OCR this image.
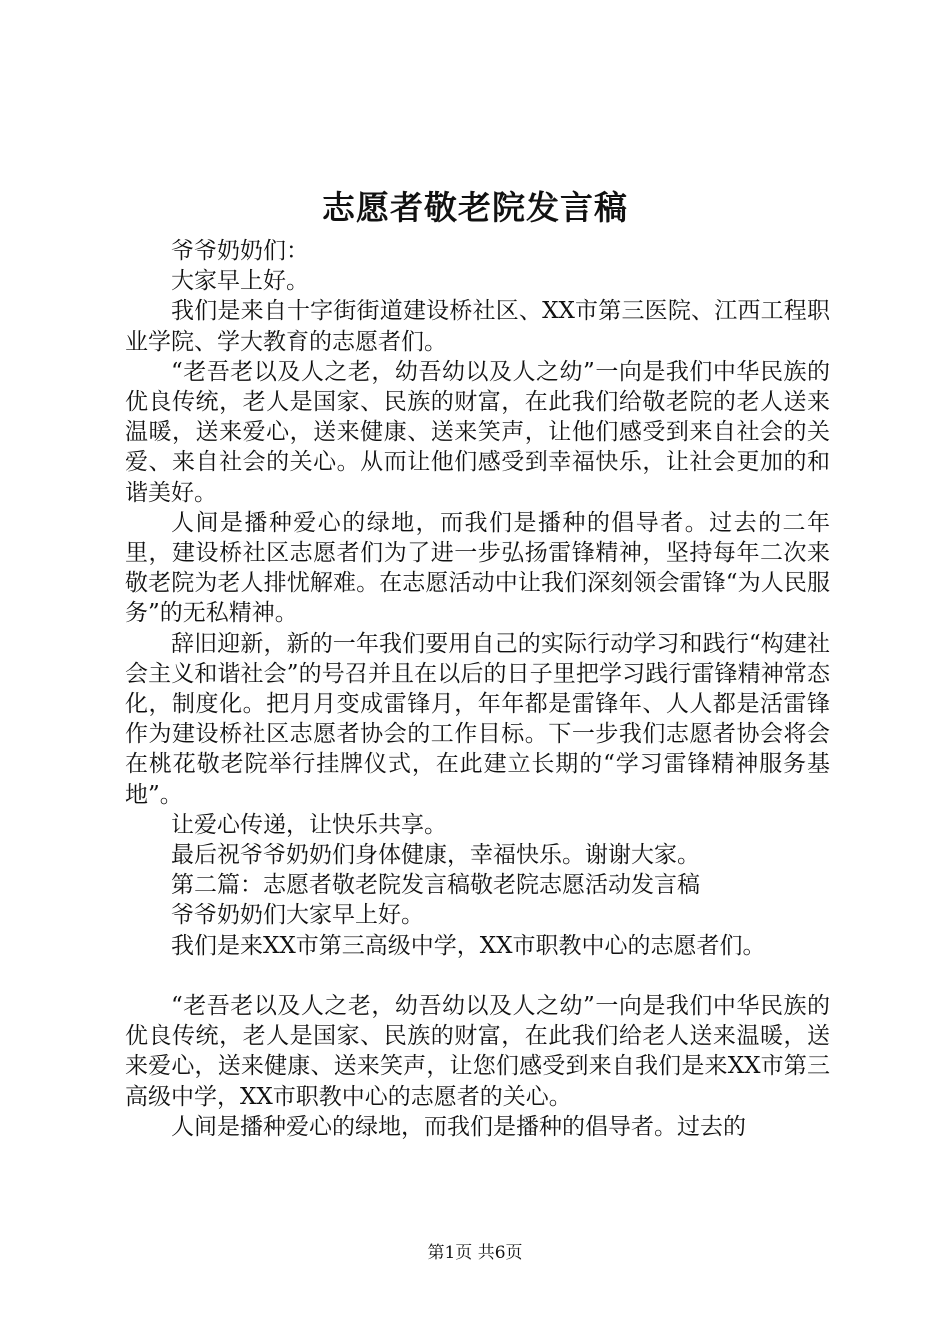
志愿者敬老院发言稿

爷爷奶奶们：

大家早上好。

我们是来自十字街街道建设桥社区、XX市第三医院、江西工程职业学院、学大教育的志愿者们。

“老吾老以及人之老，幼吾幼以及人之幼”一向是我们中华民族的优良传统，老人是国家、民族的财富，在此我们给敬老院的老人送来温暖，送来爱心，送来健康、送来笑声，让他们感受到来自社会的关爱、来自社会的关心。从而让他们感受到幸福快乐，让社会更加的和谐美好。

人间是播种爱心的绿地，而我们是播种的倡导者。过去的二年里，建设桥社区志愿者们为了进一步弘扬雷锋精神，坚持每年二次来敬老院为老人排忧解难。在志愿活动中让我们深刻领会雷锋“为人民服务”的无私精神。

辞旧迎新，新的一年我们要用自己的实际行动学习和践行“构建社会主义和谐社会”的号召并且在以后的日子里把学习践行雷锋精神常态化，制度化。把月月变成雷锋月，年年都是雷锋年、人人都是活雷锋作为建设桥社区志愿者协会的工作目标。下一步我们志愿者协会将会在桃花敬老院举行挂牌仪式，在此建立长期的“学习雷锋精神服务基地”。

让爱心传递，让快乐共享。

最后祝爷爷奶奶们身体健康，幸福快乐。谢谢大家。

第二篇：志愿者敬老院发言稿敬老院志愿活动发言稿

爷爷奶奶们大家早上好。

我们是来XX市第三高级中学，XX市职教中心的志愿者们。

“老吾老以及人之老，幼吾幼以及人之幼”一向是我们中华民族的优良传统，老人是国家、民族的财富，在此我们给老人送来温暖，送来爱心，送来健康、送来笑声，让您们感受到来自我们是来XX市第三高级中学，XX市职教中心的志愿者的关心。

人间是播种爱心的绿地，而我们是播种的倡导者。过去的

第1页 共6页
